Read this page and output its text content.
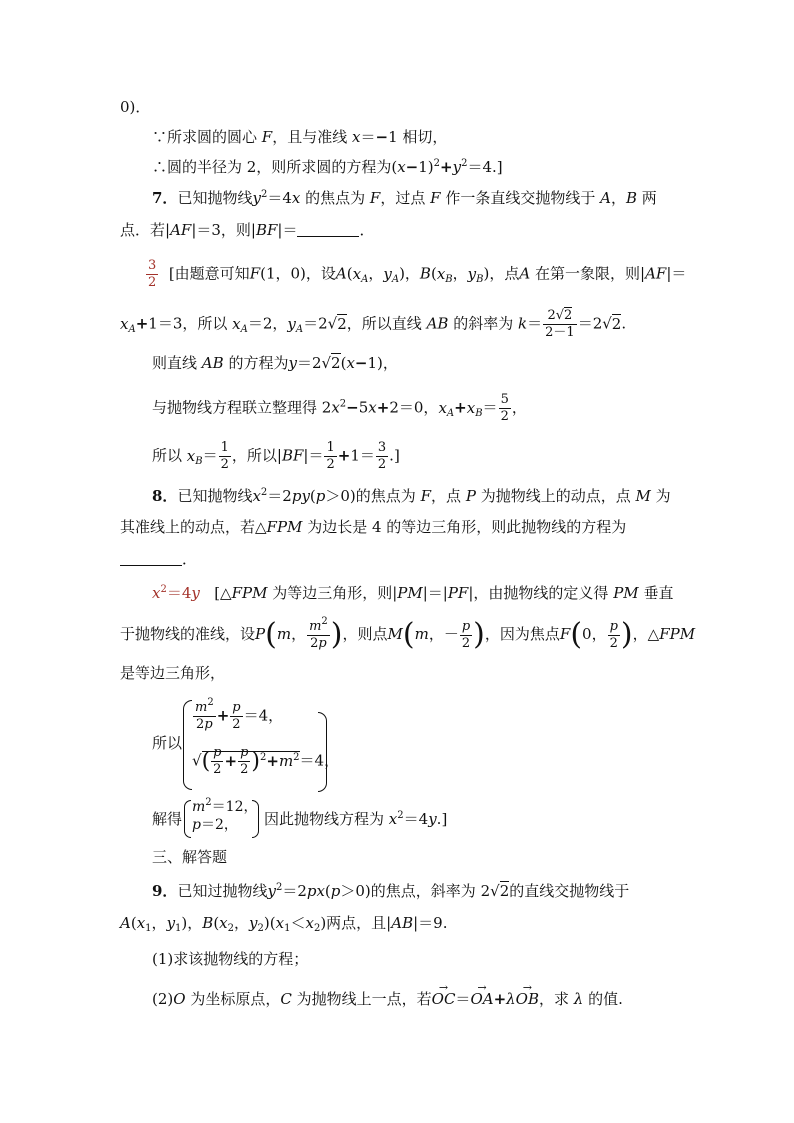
0)．
∵所求圆的圆心 F，且与准线 x＝−1 相切，
∴圆的半径为 2，则所求圆的方程为$(x-1)^2+y^2=4$.]
7．已知抛物线$y^2=4x$ 的焦点为 F，过点 F 作一条直线交抛物线于 A，B 两
点．若|AF|＝3，则|BF|＝	．
$\frac{3}{2}$ [由题意可知F(1，0)，设$A(x_A$，$y_A$)，$B(x_B$，$y_B$)，点A 在第一象限，则|AF|＝
$x_A+1=3$，所以 $x_A=2$，$y_A=2√2$，所以直线 AB 的斜率为 $k= \frac{2√2}{2-1} =2√2$.
则直线 AB 的方程为y＝2√2(x−1)，
与抛物线方程联立整理得 $2x^2-5x+2=0$，$x_A+x_B= \frac{5}{2}$ ，
所以 $x_B= \frac{1}{2}$ ，所以$|BF|= \frac{1}{2} +1= \frac{3}{2}$ .]
8．已知抛物线$x^2=2py(p>0)$的焦点为 F，点 P 为抛物线上的动点，点 M 为
其准线上的动点，若△FPM 为边长是 4 的等边三角形，则此抛物线的方程为
．
$x^2=4y$ [△FPM 为等边三角形，则|PM|＝|PF|，由抛物线的定义得 PM 垂直
于抛物线的准线，设P(m， $\frac{m^2}{2p}$ )，则点M(m，－ $\frac{p}{2}$ )，因为焦点F(0， $\frac{p}{2}$ )，△FPM
是等边三角形，
所以
$\frac{m^2}{2p} + \frac{p}{2} =4$，
√( $\frac{p}{2} + \frac{p}{2} )^2+m^2=4$，
解得
$m^2=12$，
p＝2，	因此抛物线方程为 $x^2=4y$.]
三、解答题
9．已知过抛物线$y^2=2px(p>0)$的焦点，斜率为 2√2的直线交抛物线于
$A(x_1$，$y_1$)，$B(x_2$，$y_2)(x_1<x_2)$两点，且|AB|＝9.
(1)求该抛物线的方程；
(2)O 为坐标原点，C 为抛物线上一点，若→ OC＝→ OA+λ→ OB，求 λ 的值.
